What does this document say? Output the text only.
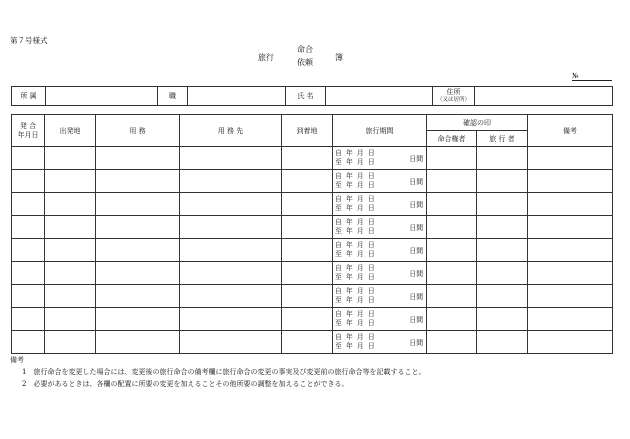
第７号様式
旅行
命合
依頼
簿
№
所 属		職		氏 名		住所
（又は居所）

発 合
年月日	出発地	用 務	用 務 先	到着地	旅行期間	確認の印		備考
						命合権者	旅 行 者	

					自 年 月 日
至 年 月 日 日間			

					自 年 月 日
至 年 月 日 日間			

					自 年 月 日
至 年 月 日 日間			

					自 年 月 日
至 年 月 日 日間			

					自 年 月 日
至 年 月 日 日間			

					自 年 月 日
至 年 月 日 日間			

					自 年 月 日
至 年 月 日 日間			

					自 年 月 日
至 年 月 日 日間			

					自 年 月 日
至 年 月 日 日間			

備考
1　旅行命合を変更した場合には、変更後の旅行命合の備考欄に旅行命合の変更の事実及び変更前の旅行命合等を記載すること。
2　必要があるときは、各欄の配置に所要の変更を加えることその他所要の調整を加えることができる。
